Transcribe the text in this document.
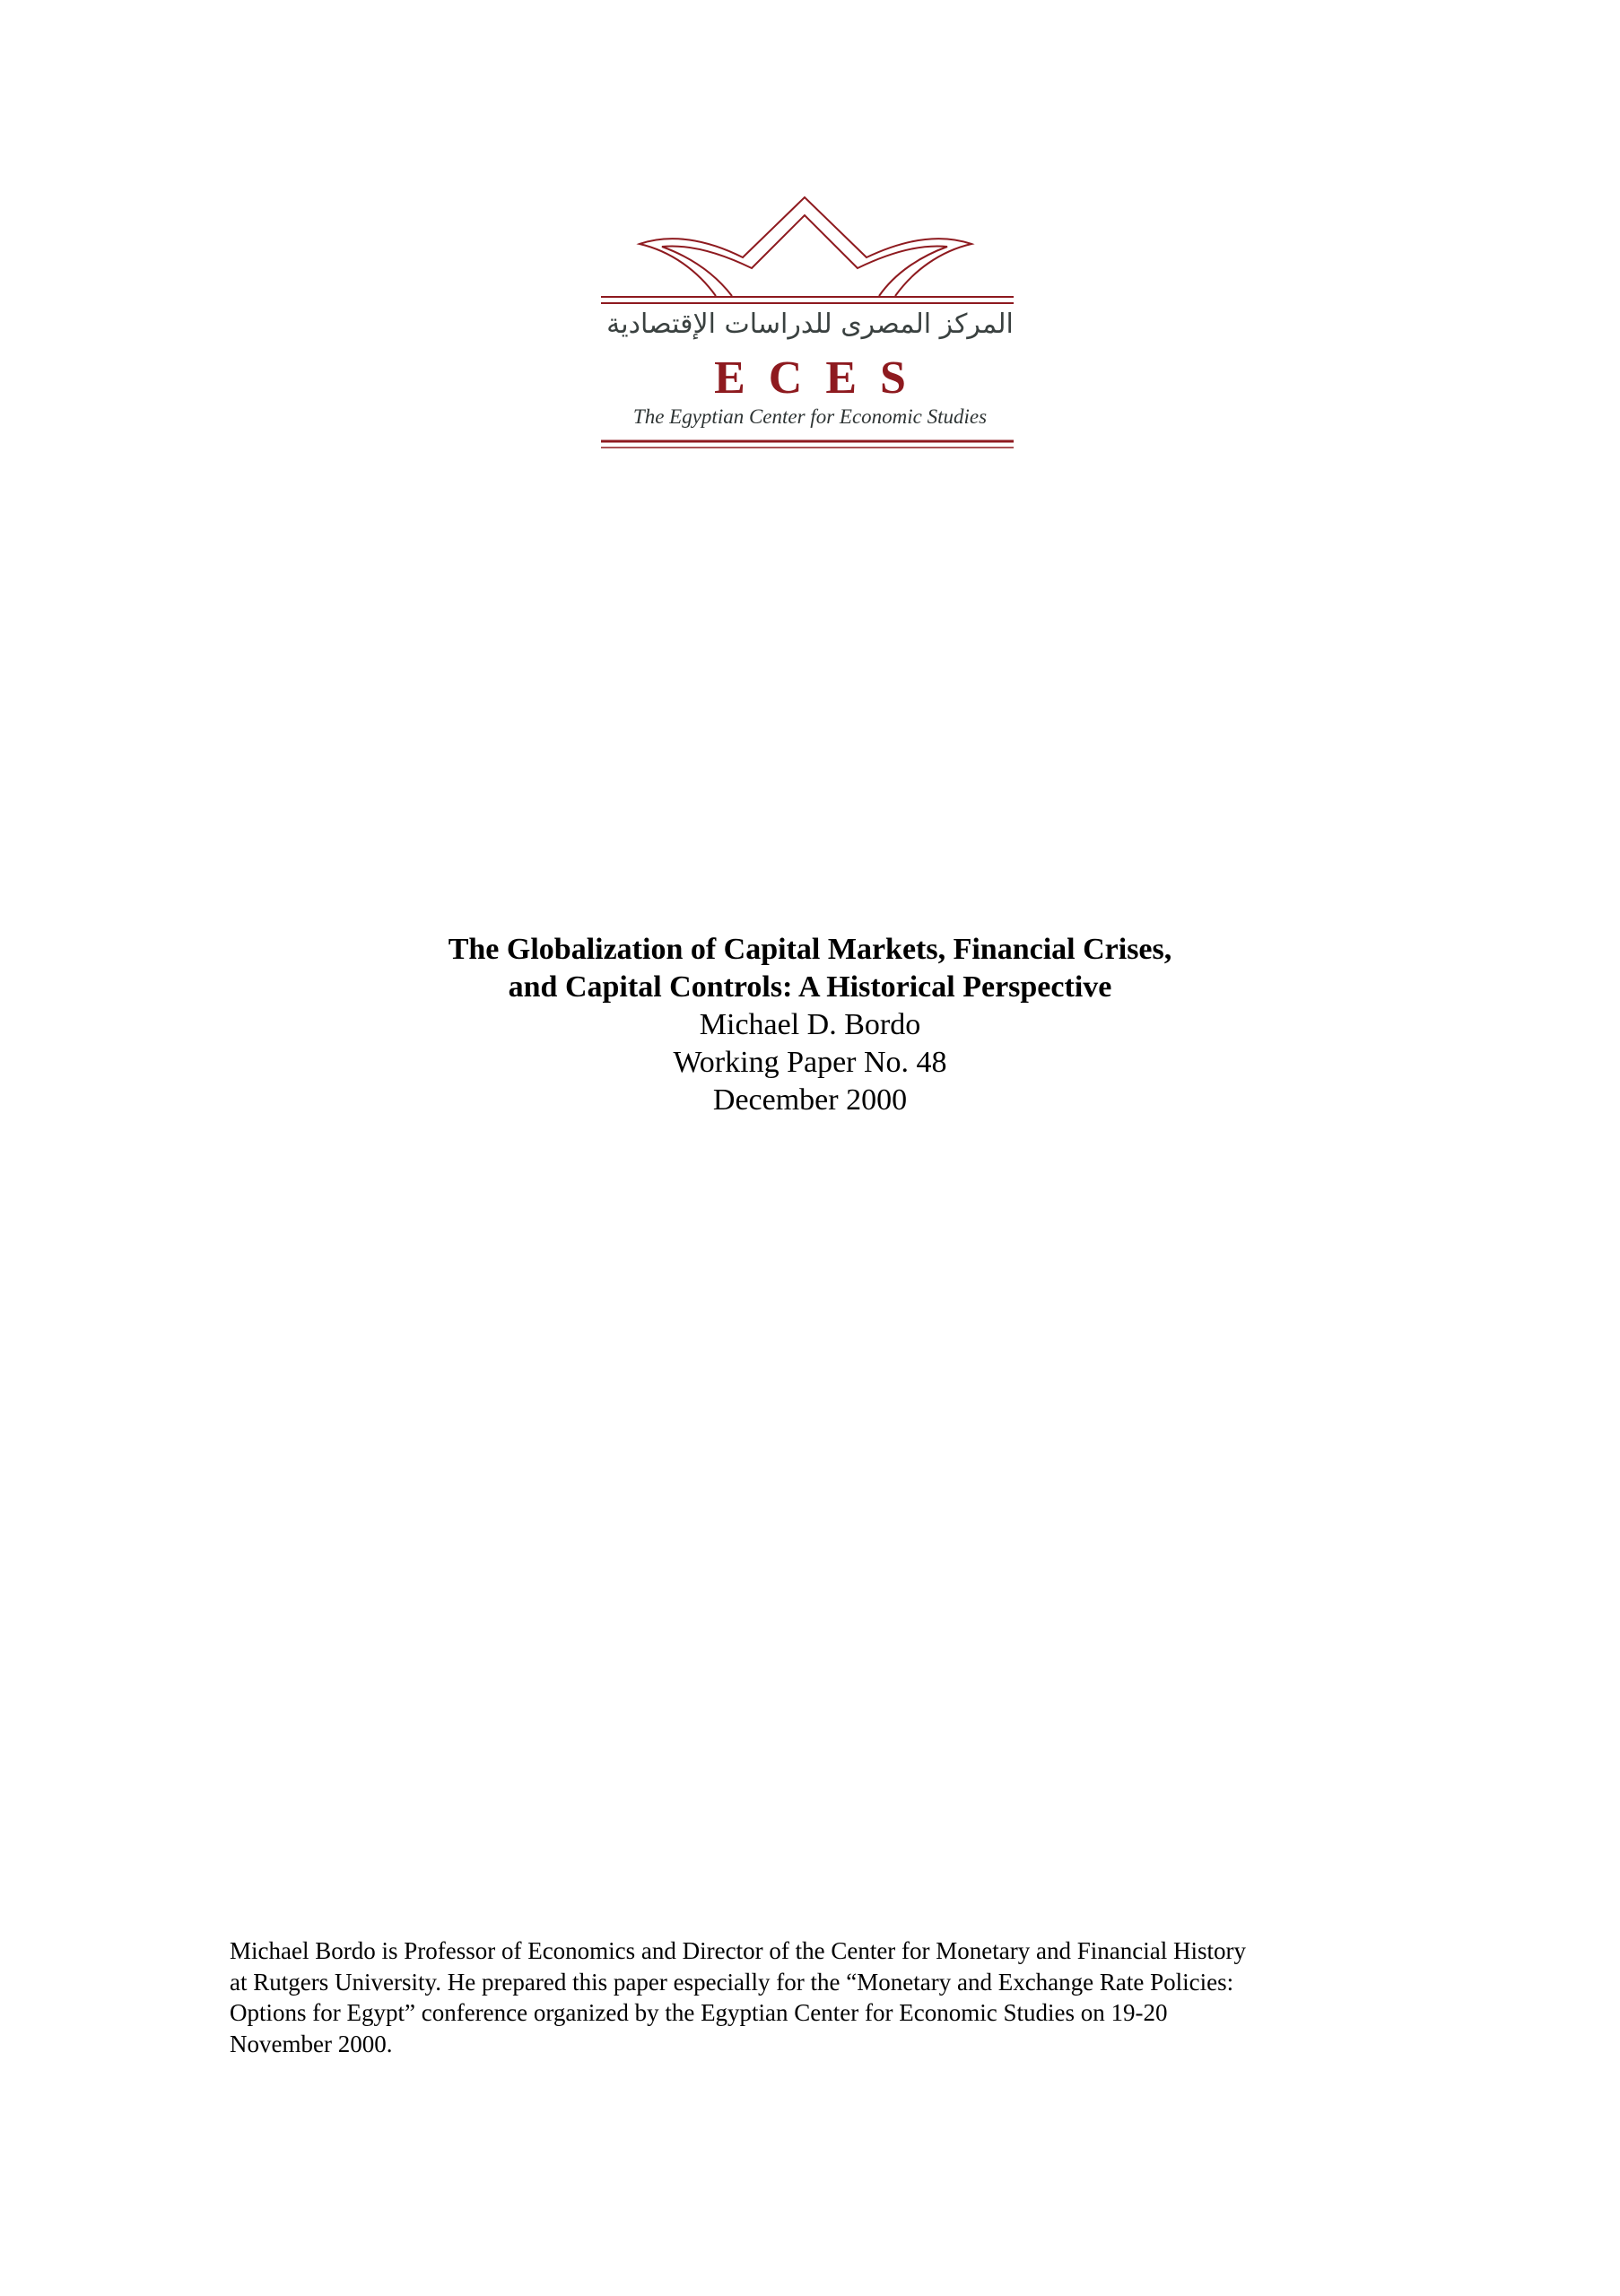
المركز المصرى للدراسات الإقتصادية
ECES
The Egyptian Center for Economic Studies
The Globalization of Capital Markets, Financial Crises,
and Capital Controls: A Historical Perspective
Michael D. Bordo
Working Paper No. 48
December 2000
Michael Bordo is Professor of Economics and Director of the Center for Monetary and Financial History
at Rutgers University. He prepared this paper especially for the “Monetary and Exchange Rate Policies:
Options for Egypt” conference organized by the Egyptian Center for Economic Studies on 19-20
November 2000.
